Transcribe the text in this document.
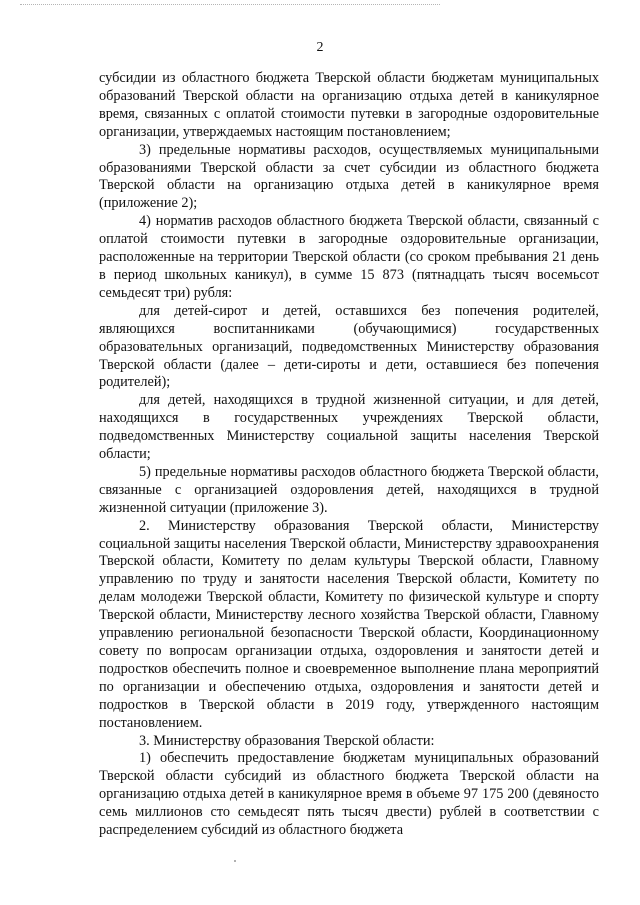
2

субсидии из областного бюджета Тверской области бюджетам муниципальных образований Тверской области на организацию отдыха детей в каникулярное время, связанных с оплатой стоимости путевки в загородные оздоровительные организации, утверждаемых настоящим постановлением;

3) предельные нормативы расходов, осуществляемых муниципальными образованиями Тверской области за счет субсидии из областного бюджета Тверской области на организацию отдыха детей в каникулярное время (приложение 2);

4) норматив расходов областного бюджета Тверской области, связанный с оплатой стоимости путевки в загородные оздоровительные организации, расположенные на территории Тверской области (со сроком пребывания 21 день в период школьных каникул), в сумме 15 873 (пятнадцать тысяч восемьсот семьдесят три) рубля:

для детей-сирот и детей, оставшихся без попечения родителей, являющихся воспитанниками (обучающимися) государственных образовательных организаций, подведомственных Министерству образования Тверской области (далее – дети-сироты и дети, оставшиеся без попечения родителей);

для детей, находящихся в трудной жизненной ситуации, и для детей, находящихся в государственных учреждениях Тверской области, подведомственных Министерству социальной защиты населения Тверской области;

5) предельные нормативы расходов областного бюджета Тверской области, связанные с организацией оздоровления детей, находящихся в трудной жизненной ситуации (приложение 3).

2. Министерству образования Тверской области, Министерству социальной защиты населения Тверской области, Министерству здравоохранения Тверской области, Комитету по делам культуры Тверской области, Главному управлению по труду и занятости населения Тверской области, Комитету по делам молодежи Тверской области, Комитету по физической культуре и спорту Тверской области, Министерству лесного хозяйства Тверской области, Главному управлению региональной безопасности Тверской области, Координационному совету по вопросам организации отдыха, оздоровления и занятости детей и подростков обеспечить полное и своевременное выполнение плана мероприятий по организации и обеспечению отдыха, оздоровления и занятости детей и подростков в Тверской области в 2019 году, утвержденного настоящим постановлением.

3. Министерству образования Тверской области:

1) обеспечить предоставление бюджетам муниципальных образований Тверской области субсидий из областного бюджета Тверской области на организацию отдыха детей в каникулярное время в объеме 97 175 200 (девяносто семь миллионов сто семьдесят пять тысяч двести) рублей в соответствии с распределением субсидий из областного бюджета
